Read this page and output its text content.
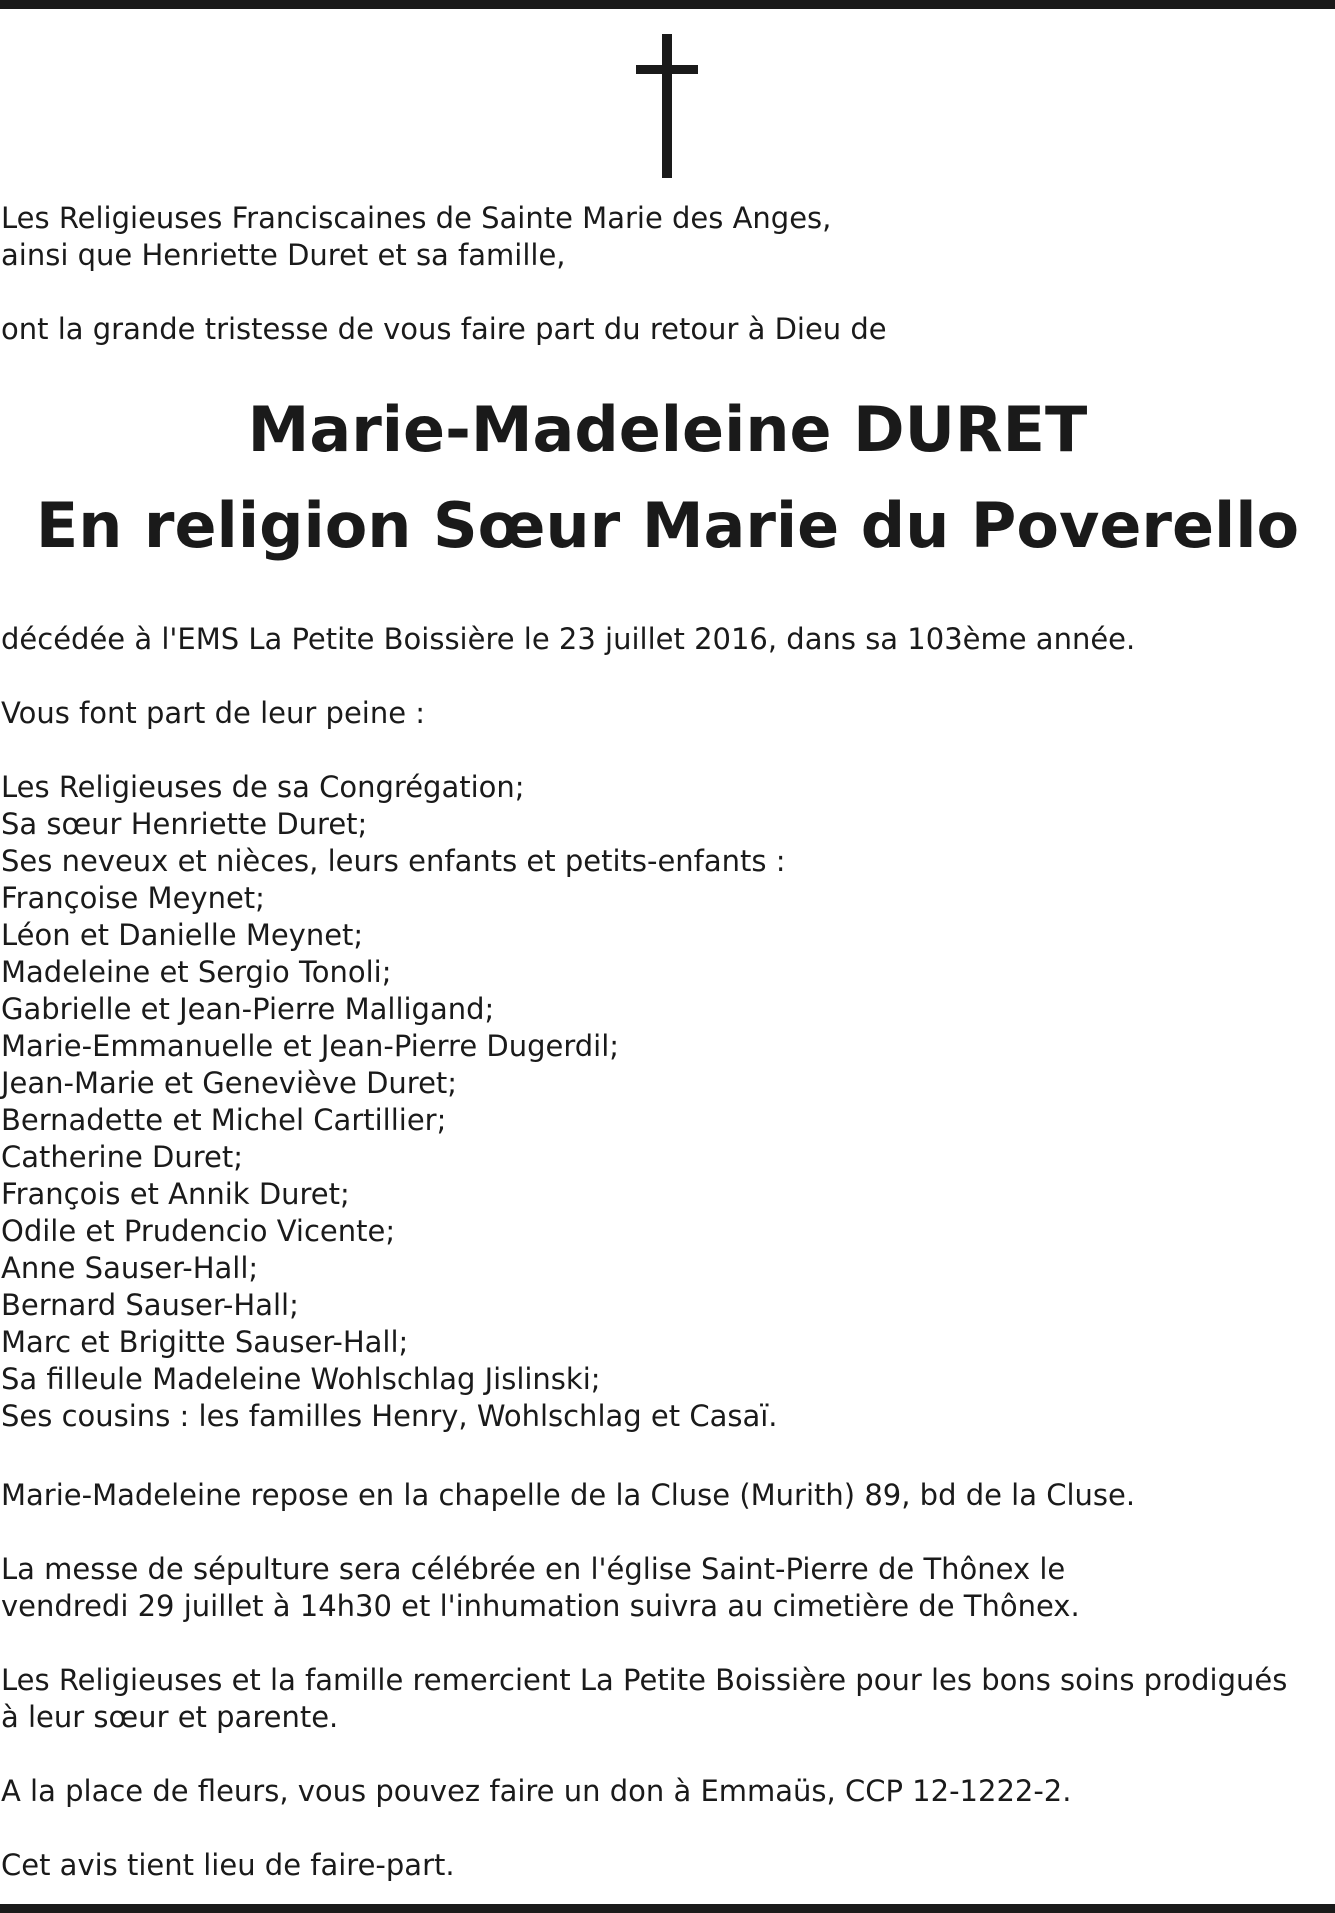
Les Religieuses Franciscaines de Sainte Marie des Anges,
ainsi que Henriette Duret et sa famille,

ont la grande tristesse de vous faire part du retour à Dieu de

Marie-Madeleine DURET
En religion Sœur Marie du Poverello

décédée à l'EMS La Petite Boissière le 23 juillet 2016, dans sa 103ème année.

Vous font part de leur peine :

Les Religieuses de sa Congrégation;
Sa sœur Henriette Duret;
Ses neveux et nièces, leurs enfants et petits-enfants :
Françoise Meynet;
Léon et Danielle Meynet;
Madeleine et Sergio Tonoli;
Gabrielle et Jean-Pierre Malligand;
Marie-Emmanuelle et Jean-Pierre Dugerdil;
Jean-Marie et Geneviève Duret;
Bernadette et Michel Cartillier;
Catherine Duret;
François et Annik Duret;
Odile et Prudencio Vicente;
Anne Sauser-Hall;
Bernard Sauser-Hall;
Marc et Brigitte Sauser-Hall;
Sa filleule Madeleine Wohlschlag Jislinski;
Ses cousins : les familles Henry, Wohlschlag et Casaï.

Marie-Madeleine repose en la chapelle de la Cluse (Murith) 89, bd de la Cluse.

La messe de sépulture sera célébrée en l'église Saint-Pierre de Thônex le
vendredi 29 juillet à 14h30 et l'inhumation suivra au cimetière de Thônex.

Les Religieuses et la famille remercient La Petite Boissière pour les bons soins prodigués
à leur sœur et parente.

A la place de fleurs, vous pouvez faire un don à Emmaüs, CCP 12-1222-2.

Cet avis tient lieu de faire-part.
